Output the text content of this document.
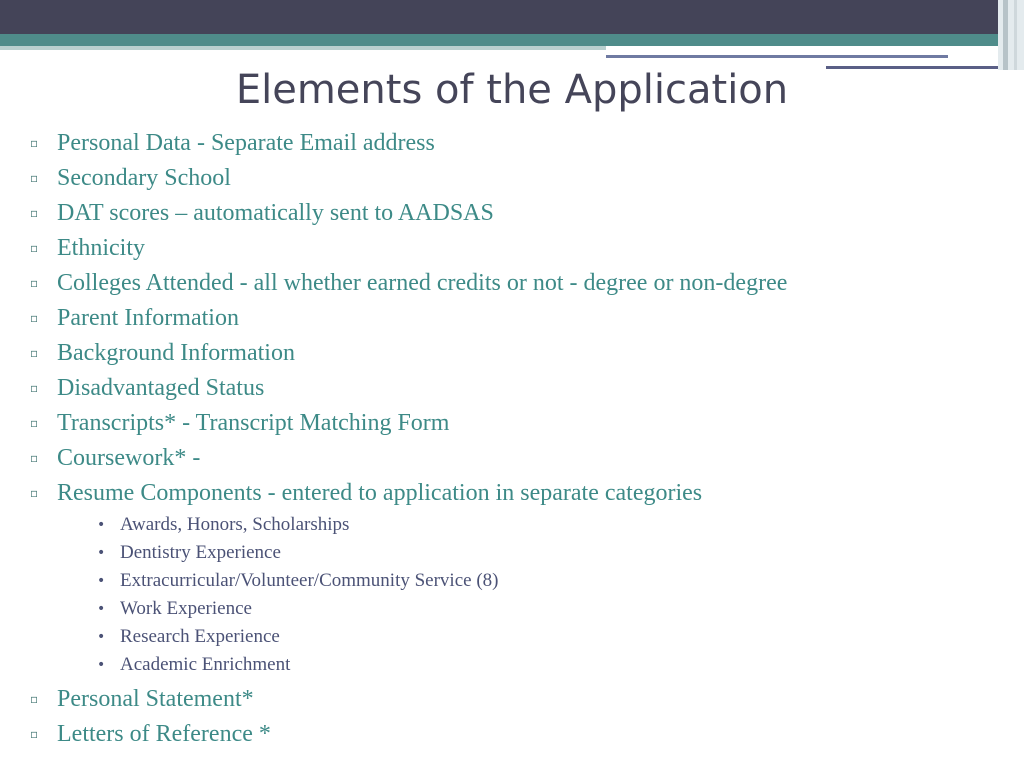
Elements of the Application
▫ Personal Data - Separate Email address
▫ Secondary School
▫ DAT scores – automatically sent to AADSAS
▫ Ethnicity
▫ Colleges Attended - all whether earned credits or not - degree or non-degree
▫ Parent Information
▫ Background Information
▫ Disadvantaged Status
▫ Transcripts* - Transcript Matching Form
▫ Coursework* -
▫ Resume Components - entered to application in separate categories
• Awards, Honors, Scholarships
• Dentistry Experience
• Extracurricular/Volunteer/Community Service (8)
• Work Experience
• Research Experience
• Academic Enrichment
▫ Personal Statement*
▫ Letters of Reference *
